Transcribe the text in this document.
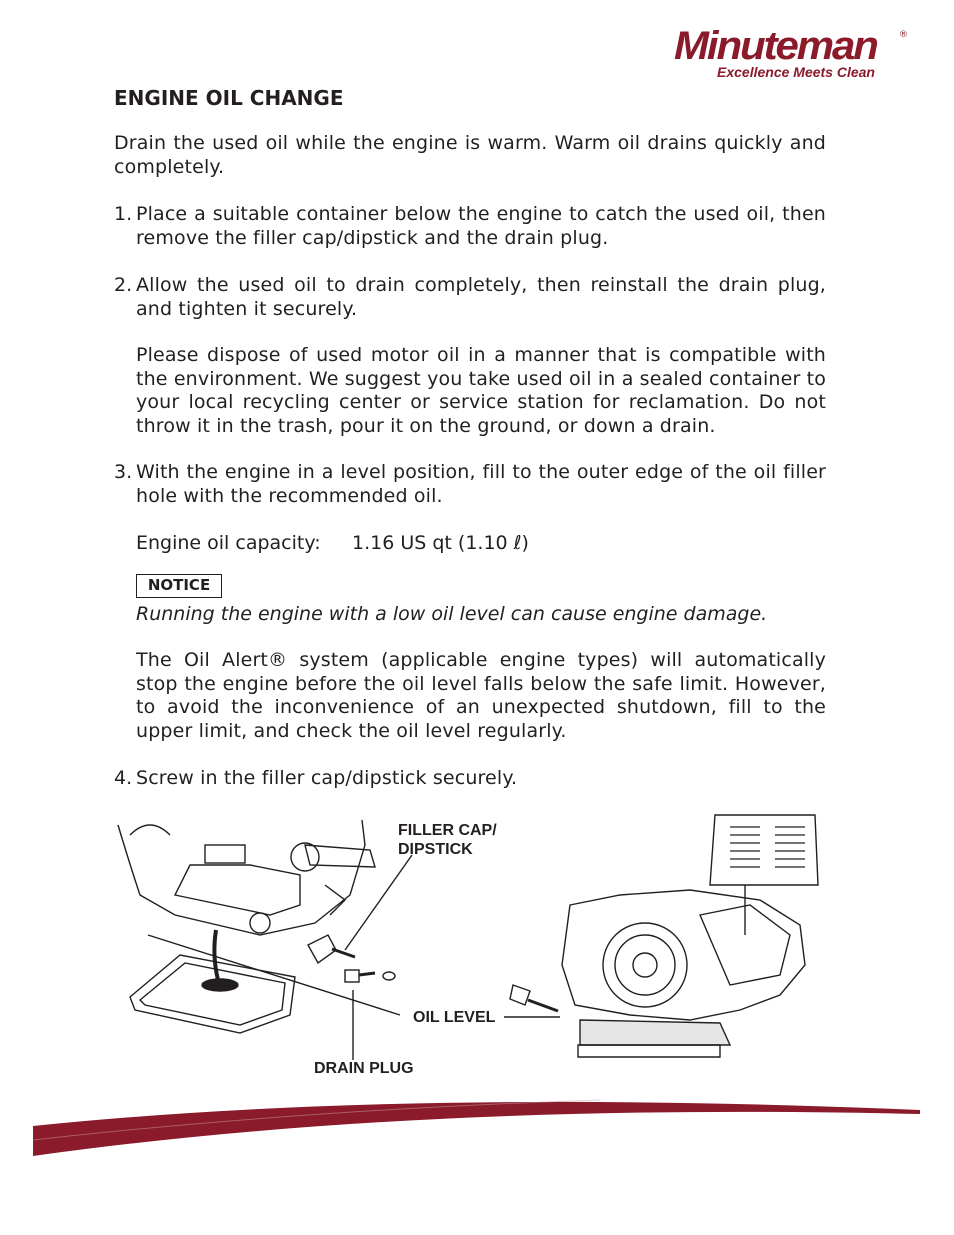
Minuteman ®
Excellence Meets Clean
ENGINE OIL CHANGE

Drain the used oil while the engine is warm. Warm oil drains quickly and completely.

1. Place a suitable container below the engine to catch the used oil, then remove the filler cap/dipstick and the drain plug.

2. Allow the used oil to drain completely, then reinstall the drain plug, and tighten it securely.

Please dispose of used motor oil in a manner that is compatible with the environment. We suggest you take used oil in a sealed container to your local recycling center or service station for reclamation. Do not throw it in the trash, pour it on the ground, or down a drain.

3. With the engine in a level position, fill to the outer edge of the oil filler hole with the recommended oil.

Engine oil capacity: 1.16 US qt (1.10 ℓ)
NOTICE
Running the engine with a low oil level can cause engine damage.

The Oil Alert® system (applicable engine types) will automatically stop the engine before the oil level falls below the safe limit. However, to avoid the inconvenience of an unexpected shutdown, fill to the upper limit, and check the oil level regularly.

4. Screw in the filler cap/dipstick securely.

FILLER CAP/
DIPSTICK
OIL LEVEL
DRAIN PLUG
